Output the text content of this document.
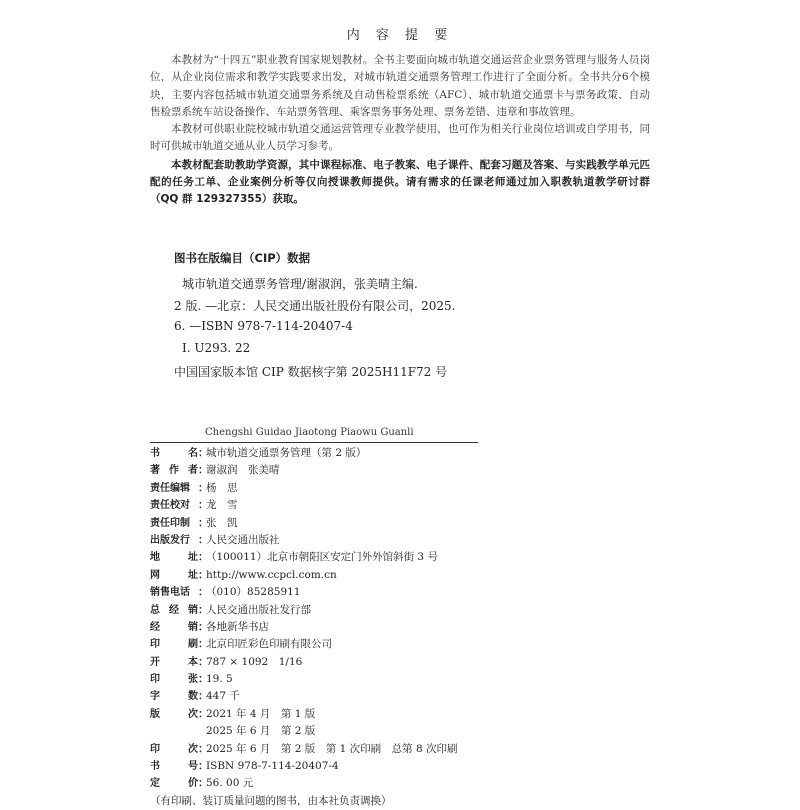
内 容 提 要

本教材为“十四五”职业教育国家规划教材。全书主要面向城市轨道交通运营企业票务管理与服务人员岗位，从企业岗位需求和教学实践要求出发，对城市轨道交通票务管理工作进行了全面分析。全书共分6个模块，主要内容包括城市轨道交通票务系统及自动售检票系统（AFC）、城市轨道交通票卡与票务政策、自动售检票系统车站设备操作、车站票务管理、乘客票务事务处理、票务差错、违章和事故管理。

本教材可供职业院校城市轨道交通运营管理专业教学使用，也可作为相关行业岗位培训或自学用书，同时可供城市轨道交通从业人员学习参考。

本教材配套助教助学资源，其中课程标准、电子教案、电子课件、配套习题及答案、与实践教学单元匹配的任务工单、企业案例分析等仅向授课教师提供。请有需求的任课老师通过加入职教轨道教学研讨群（QQ 群 129327355）获取。

图书在版编目（CIP）数据
城市轨道交通票务管理/谢淑润，张美晴主编.
2 版. —北京：人民交通出版社股份有限公司，2025.
6. —ISBN 978-7-114-20407-4
Ⅰ. U293. 22
中国国家版本馆 CIP 数据核字第 2025H11F72 号
Chengshi Guidao Jiaotong Piaowu Guanli
书	名 ：
城市轨道交通票务管理（第 2 版）
著 作 者 ：
谢淑润　张美晴
责任编辑 ：
杨　思
责任校对 ：
龙　雪
责任印制 ：
张　凯
出版发行 ：
人民交通出版社
地	址 ：
（100011）北京市朝阳区安定门外外馆斜街 3 号
网	址 ：
http://www.ccpcl.com.cn
销售电话 ：
（010）85285911
总 经 销 ：
人民交通出版社发行部
经	销 ：
各地新华书店
印	刷 ：
北京印匠彩色印刷有限公司
开	本 ：
787 × 1092　1/16
印	张 ：
19. 5
字	数 ：
447 千
版	次 ：
2021 年 4 月　第 1 版
2025 年 6 月　第 2 版
印	次 ：
2025 年 6 月　第 2 版　第 1 次印刷　总第 8 次印刷
书	号 ：
ISBN 978-7-114-20407-4
定	价 ：
56. 00 元
（有印刷、装订质量问题的图书，由本社负责调换）
